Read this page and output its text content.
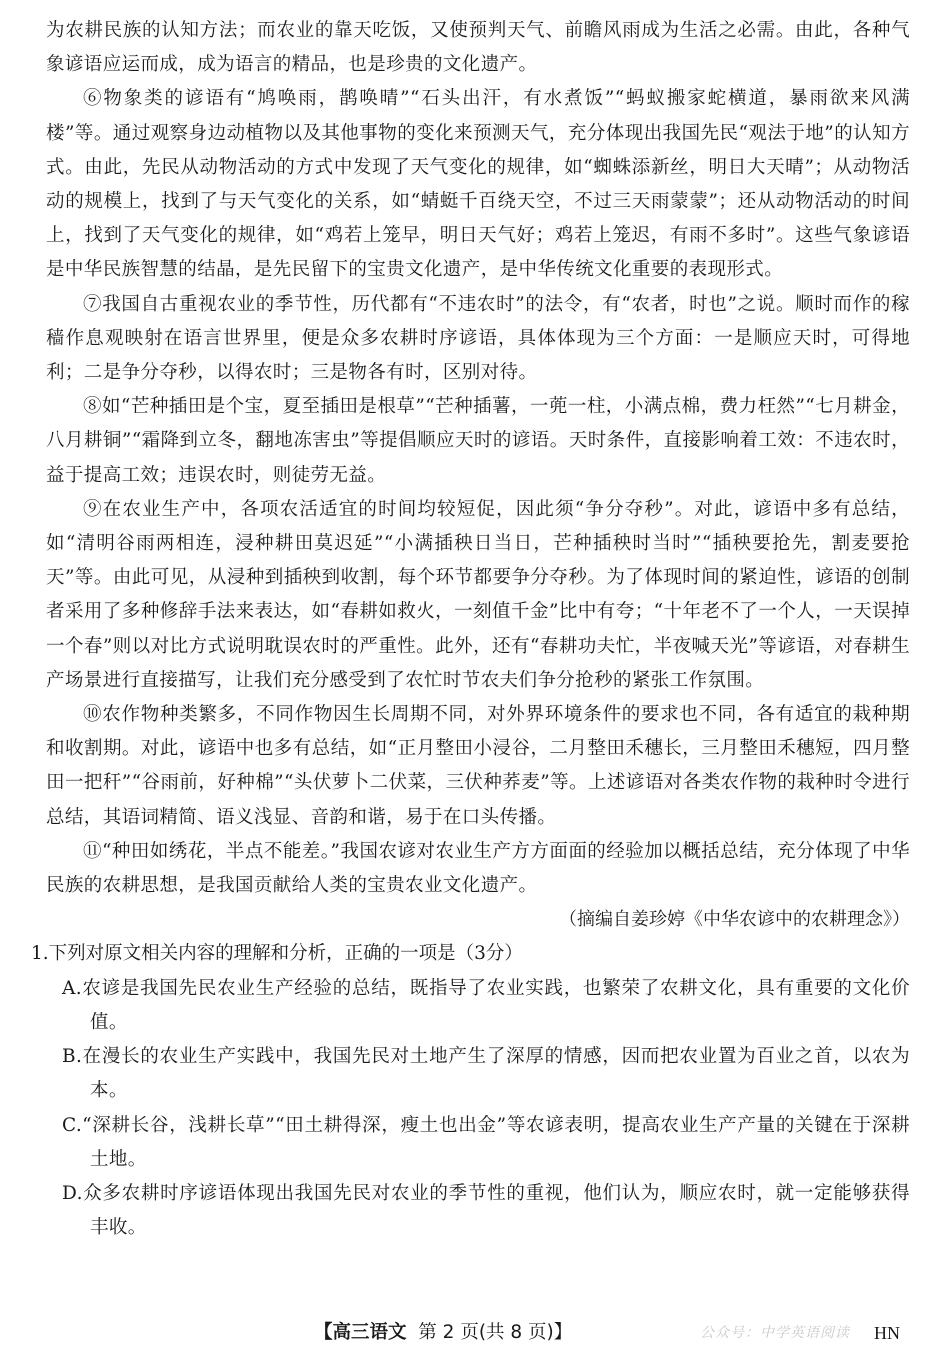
为农耕民族的认知方法；而农业的靠天吃饭，又使预判天气、前瞻风雨成为生活之必需。由此，各种气象谚语应运而成，成为语言的精品，也是珍贵的文化遗产。

⑥物象类的谚语有“鸠唤雨，鹊唤晴”“石头出汗，有水煮饭”“蚂蚁搬家蛇横道，暴雨欲来风满楼”等。通过观察身边动植物以及其他事物的变化来预测天气，充分体现出我国先民“观法于地”的认知方式。由此，先民从动物活动的方式中发现了天气变化的规律，如“蜘蛛添新丝，明日大天晴”；从动物活动的规模上，找到了与天气变化的关系，如“蜻蜓千百绕天空，不过三天雨蒙蒙”；还从动物活动的时间上，找到了天气变化的规律，如“鸡若上笼早，明日天气好；鸡若上笼迟，有雨不多时”。这些气象谚语是中华民族智慧的结晶，是先民留下的宝贵文化遗产，是中华传统文化重要的表现形式。

⑦我国自古重视农业的季节性，历代都有“不违农时”的法令，有“农者，时也”之说。顺时而作的稼穑作息观映射在语言世界里，便是众多农耕时序谚语，具体体现为三个方面：一是顺应天时，可得地利；二是争分夺秒，以得农时；三是物各有时，区别对待。

⑧如“芒种插田是个宝，夏至插田是根草”“芒种插薯，一蔸一柱，小满点棉，费力枉然”“七月耕金，八月耕铜”“霜降到立冬，翻地冻害虫”等提倡顺应天时的谚语。天时条件，直接影响着工效：不违农时，益于提高工效；违误农时，则徒劳无益。

⑨在农业生产中，各项农活适宜的时间均较短促，因此须“争分夺秒”。对此，谚语中多有总结，如“清明谷雨两相连，浸种耕田莫迟延”“小满插秧日当日，芒种插秧时当时”“插秧要抢先，割麦要抢天”等。由此可见，从浸种到插秧到收割，每个环节都要争分夺秒。为了体现时间的紧迫性，谚语的创制者采用了多种修辞手法来表达，如“春耕如救火，一刻值千金”比中有夸；“十年老不了一个人，一天误掉一个春”则以对比方式说明耽误农时的严重性。此外，还有“春耕功夫忙，半夜喊天光”等谚语，对春耕生产场景进行直接描写，让我们充分感受到了农忙时节农夫们争分抢秒的紧张工作氛围。

⑩农作物种类繁多，不同作物因生长周期不同，对外界环境条件的要求也不同，各有适宜的栽种期和收割期。对此，谚语中也多有总结，如“正月整田小浸谷，二月整田禾穗长，三月整田禾穗短，四月整田一把秆”“谷雨前，好种棉”“头伏萝卜二伏菜，三伏种荞麦”等。上述谚语对各类农作物的栽种时令进行总结，其语词精简、语义浅显、音韵和谐，易于在口头传播。

⑪“种田如绣花，半点不能差。”我国农谚对农业生产方方面面的经验加以概括总结，充分体现了中华民族的农耕思想，是我国贡献给人类的宝贵农业文化遗产。

（摘编自姜珍婷《中华农谚中的农耕理念》）

1.下列对原文相关内容的理解和分析，正确的一项是（3分）

A.农谚是我国先民农业生产经验的总结，既指导了农业实践，也繁荣了农耕文化，具有重要的文化价值。

B.在漫长的农业生产实践中，我国先民对土地产生了深厚的情感，因而把农业置为百业之首，以农为本。

C.“深耕长谷，浅耕长草”“田土耕得深，瘦土也出金”等农谚表明，提高农业生产产量的关键在于深耕土地。

D.众多农耕时序谚语体现出我国先民对农业的季节性的重视，他们认为，顺应农时，就一定能够获得丰收。

【高三语文 第 2 页(共 8 页)】	公众号：中学英语阅读 HN
